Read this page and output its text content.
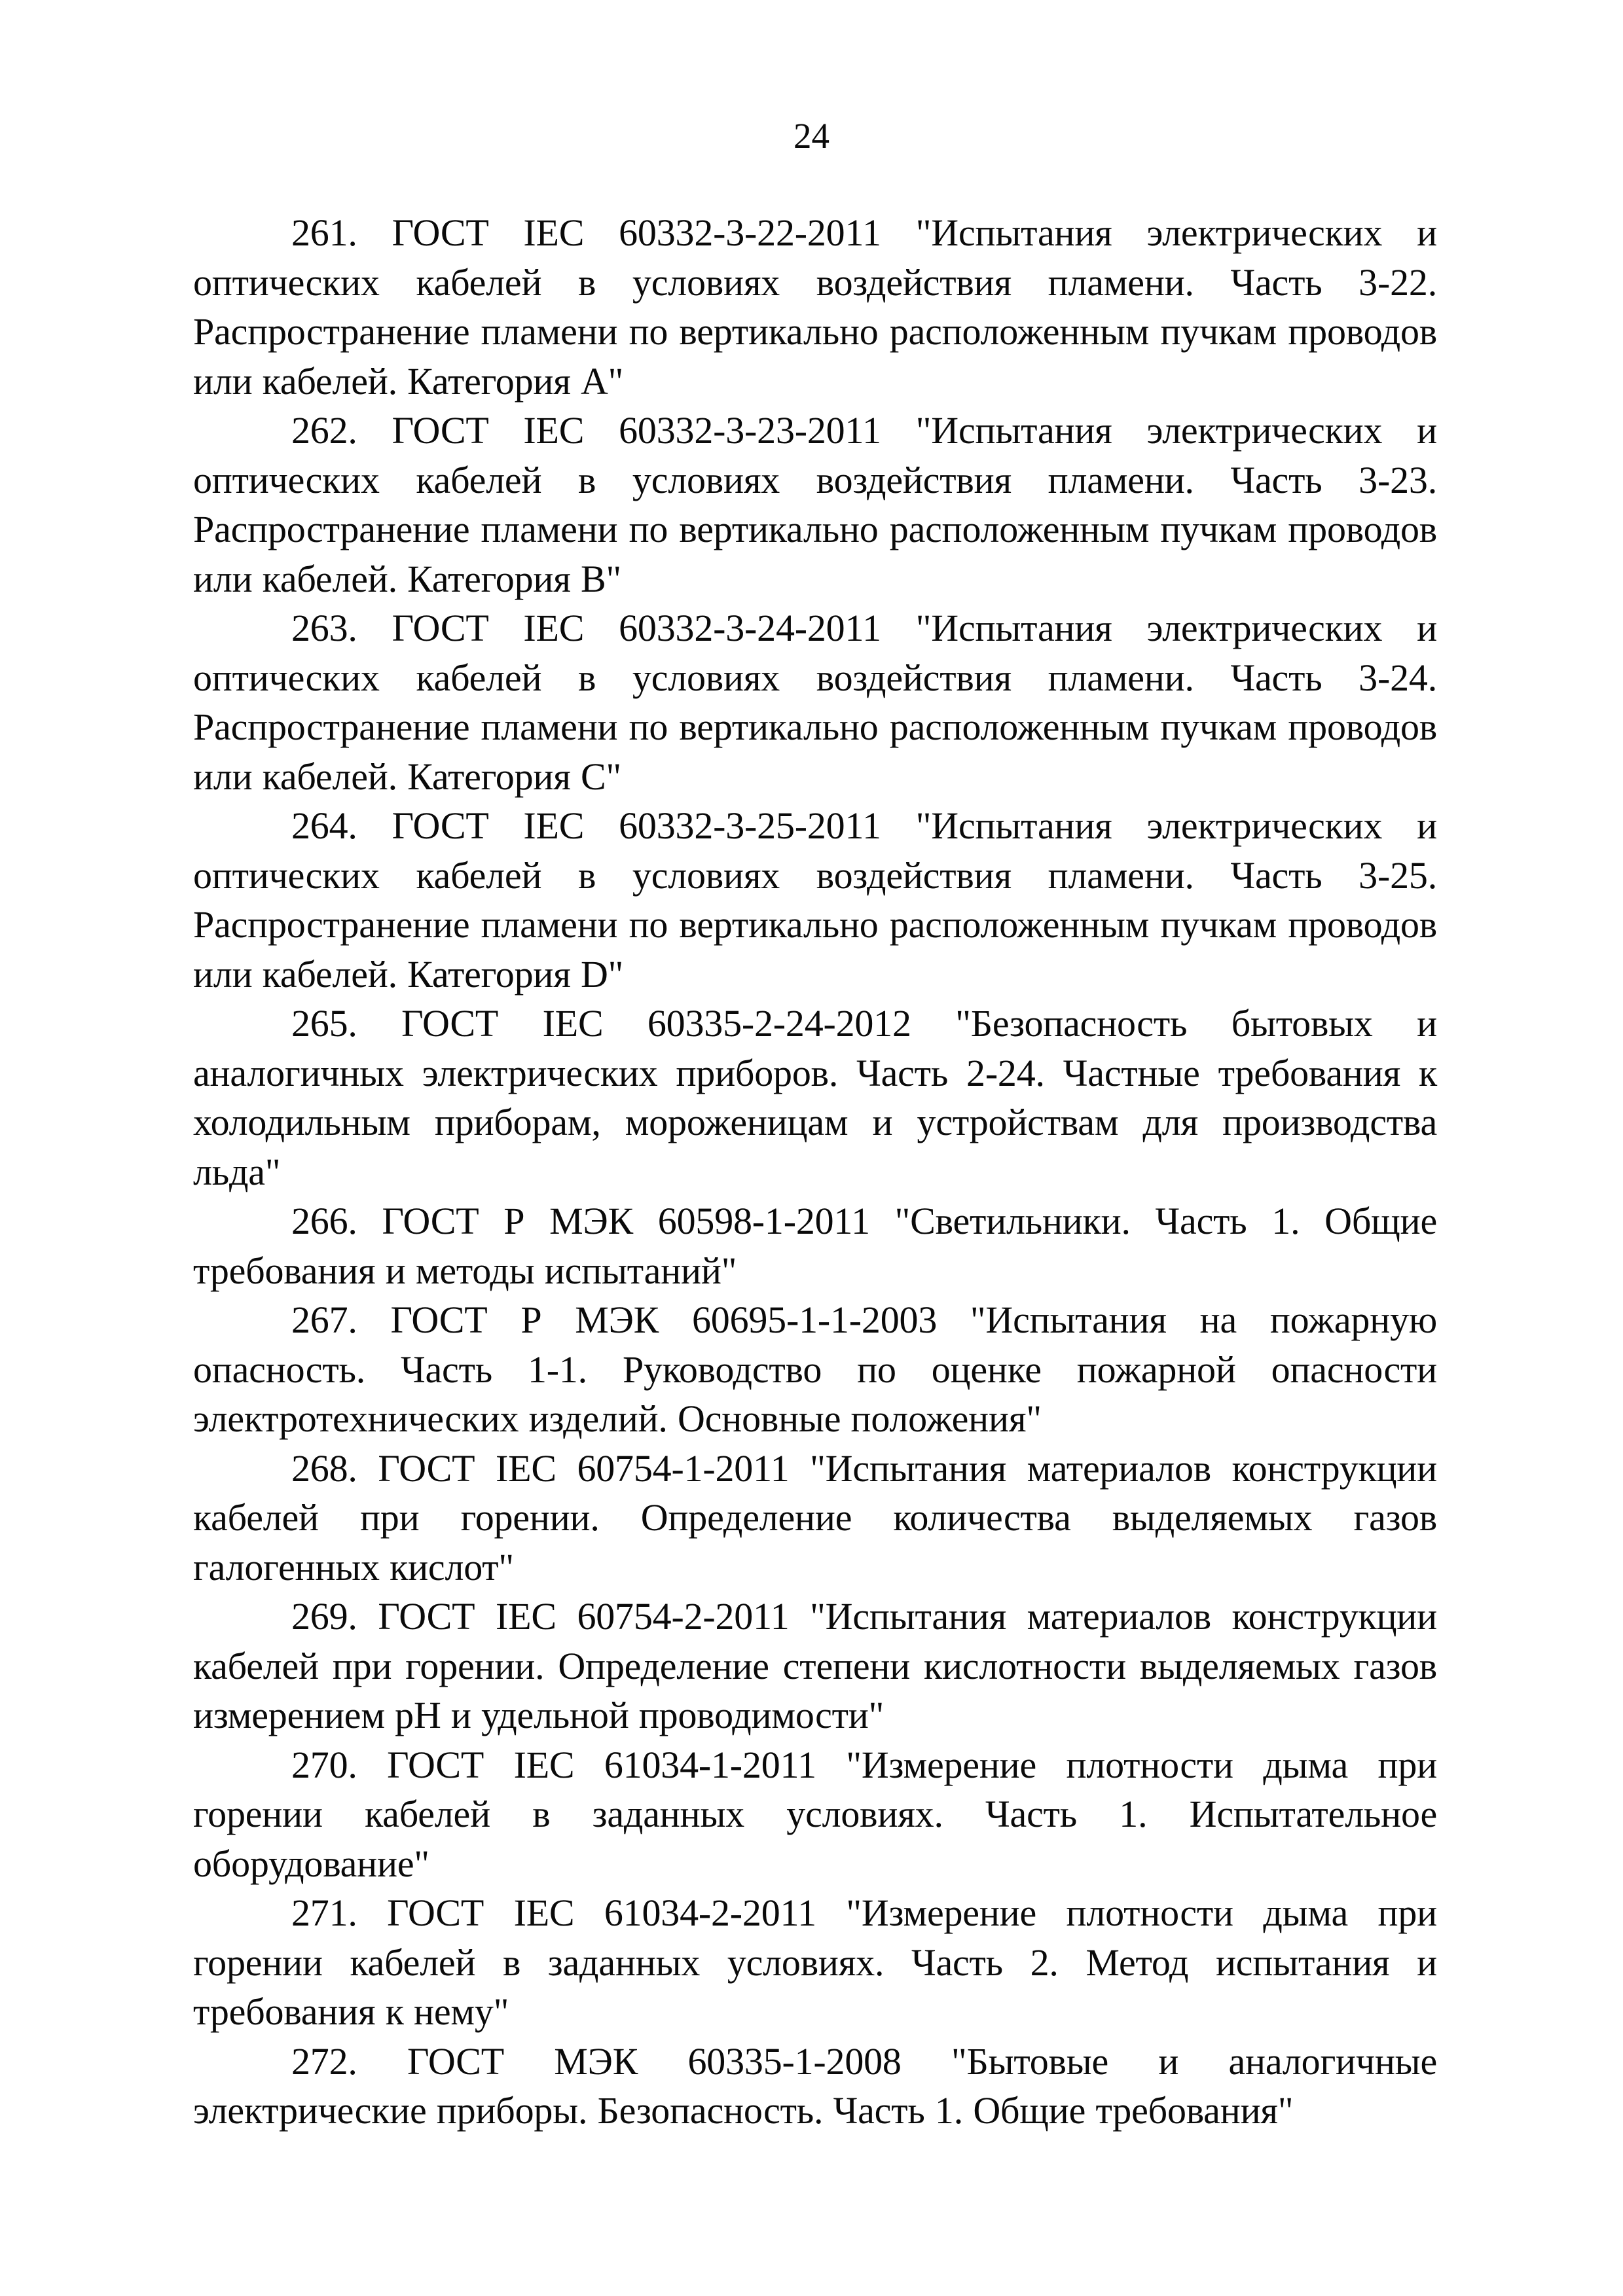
24

261. ГОСТ IEC 60332-3-22-2011 "Испытания электрических и оптических кабелей в условиях воздействия пламени. Часть 3-22. Распространение пламени по вертикально расположенным пучкам проводов или кабелей. Категория A"

262. ГОСТ IEC 60332-3-23-2011 "Испытания электрических и оптических кабелей в условиях воздействия пламени. Часть 3-23. Распространение пламени по вертикально расположенным пучкам проводов или кабелей. Категория B"

263. ГОСТ IEC 60332-3-24-2011 "Испытания электрических и оптических кабелей в условиях воздействия пламени. Часть 3-24. Распространение пламени по вертикально расположенным пучкам проводов или кабелей. Категория C"

264. ГОСТ IEC 60332-3-25-2011 "Испытания электрических и оптических кабелей в условиях воздействия пламени. Часть 3-25. Распространение пламени по вертикально расположенным пучкам проводов или кабелей. Категория D"

265. ГОСТ IEC 60335-2-24-2012 "Безопасность бытовых и аналогичных электрических приборов. Часть 2-24. Частные требования к холодильным приборам, мороженицам и устройствам для производства льда"

266. ГОСТ Р МЭК 60598-1-2011 "Светильники. Часть 1. Общие требования и методы испытаний"

267. ГОСТ Р МЭК 60695-1-1-2003 "Испытания на пожарную опасность. Часть 1-1. Руководство по оценке пожарной опасности электротехнических изделий. Основные положения"

268. ГОСТ IEC 60754-1-2011 "Испытания материалов конструкции кабелей при горении. Определение количества выделяемых газов галогенных кислот"

269. ГОСТ IEC 60754-2-2011 "Испытания материалов конструкции кабелей при горении. Определение степени кислотности выделяемых газов измерением pH и удельной проводимости"

270. ГОСТ IEC 61034-1-2011 "Измерение плотности дыма при горении кабелей в заданных условиях. Часть 1. Испытательное оборудование"

271. ГОСТ IEC 61034-2-2011 "Измерение плотности дыма при горении кабелей в заданных условиях. Часть 2. Метод испытания и требования к нему"

272. ГОСТ МЭК 60335-1-2008 "Бытовые и аналогичные электрические приборы. Безопасность. Часть 1. Общие требования"
